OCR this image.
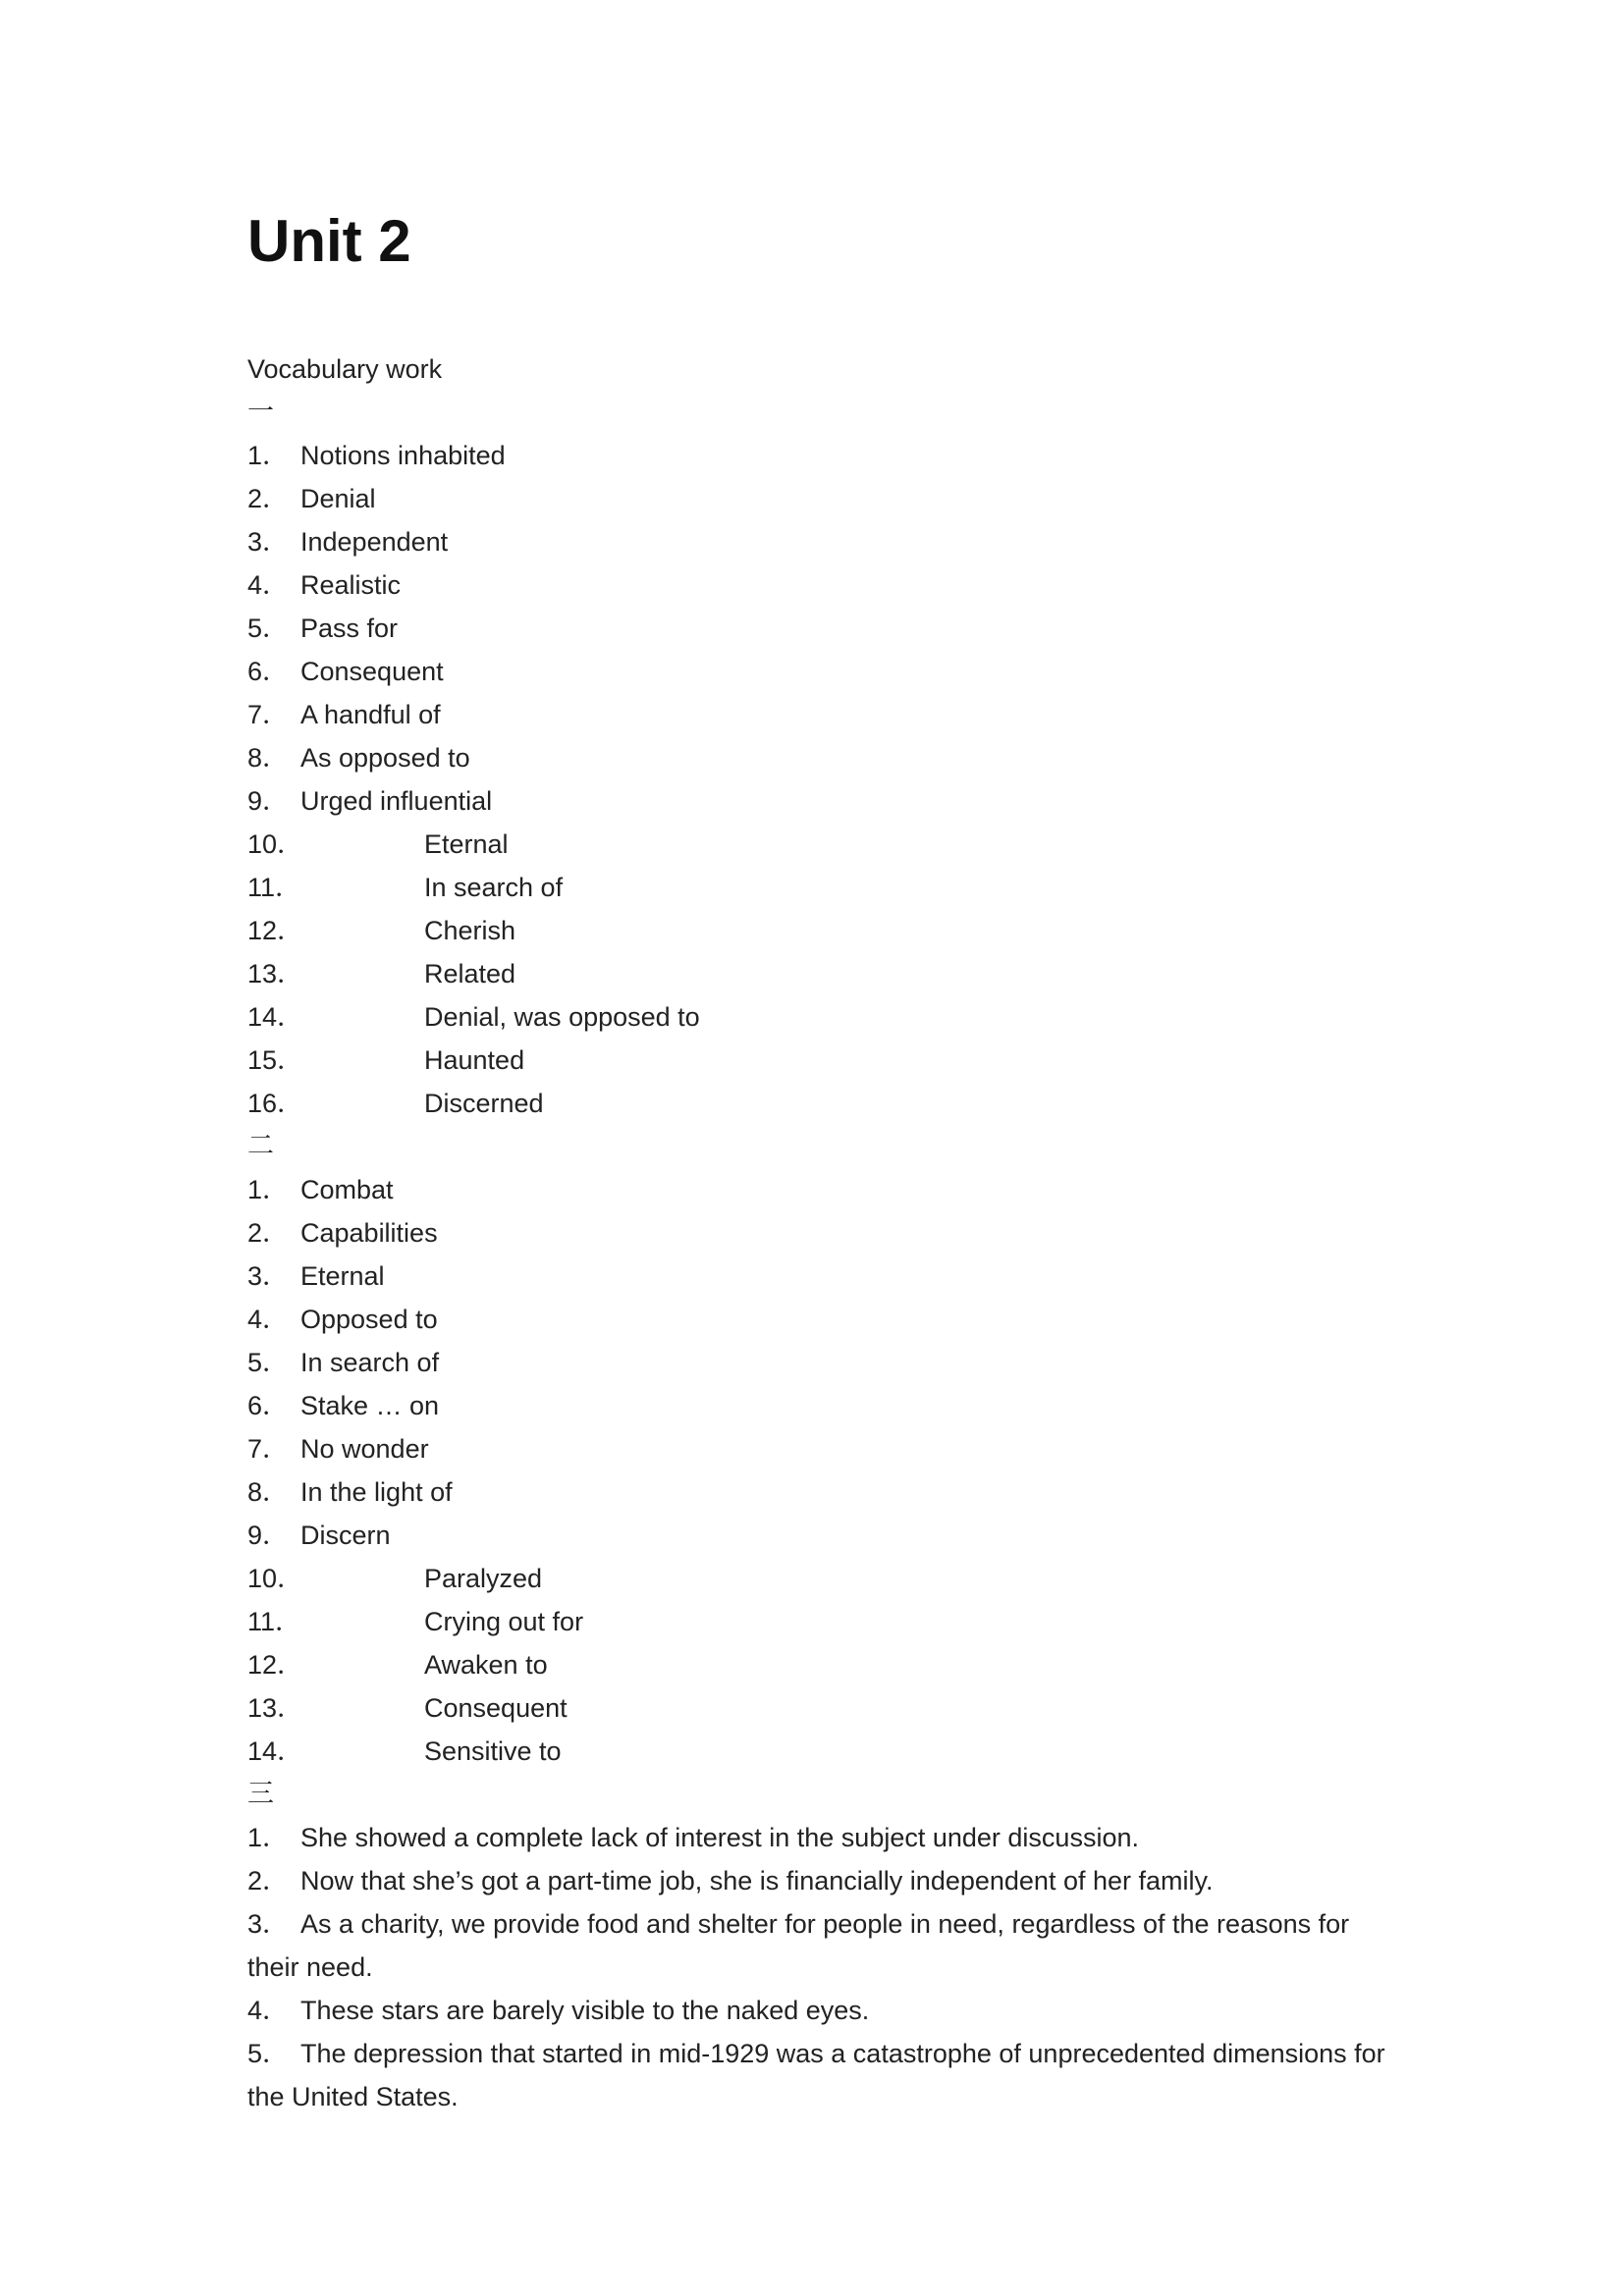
Unit 2
Vocabulary work
一
1． Notions inhabited
2． Denial
3． Independent
4． Realistic
5． Pass for
6． Consequent
7． A handful of
8． As opposed to
9． Urged influential
10．	Eternal
11．	In search of
12．	Cherish
13．	Related
14．	Denial, was opposed to
15．	Haunted
16．	Discerned
二
1． Combat
2． Capabilities
3． Eternal
4． Opposed to
5． In search of
6． Stake … on
7． No wonder
8． In the light of
9． Discern
10．	Paralyzed
11．	Crying out for
12．	Awaken to
13．	Consequent
14．	Sensitive to
三
1． She showed a complete lack of interest in the subject under discussion.
2． Now that she’s got a part-time job, she is financially independent of her family.
3． As a charity, we provide food and shelter for people in need, regardless of the reasons for their need.
4． These stars are barely visible to the naked eyes.
5． The depression that started in mid-1929 was a catastrophe of unprecedented dimensions for the United States.
